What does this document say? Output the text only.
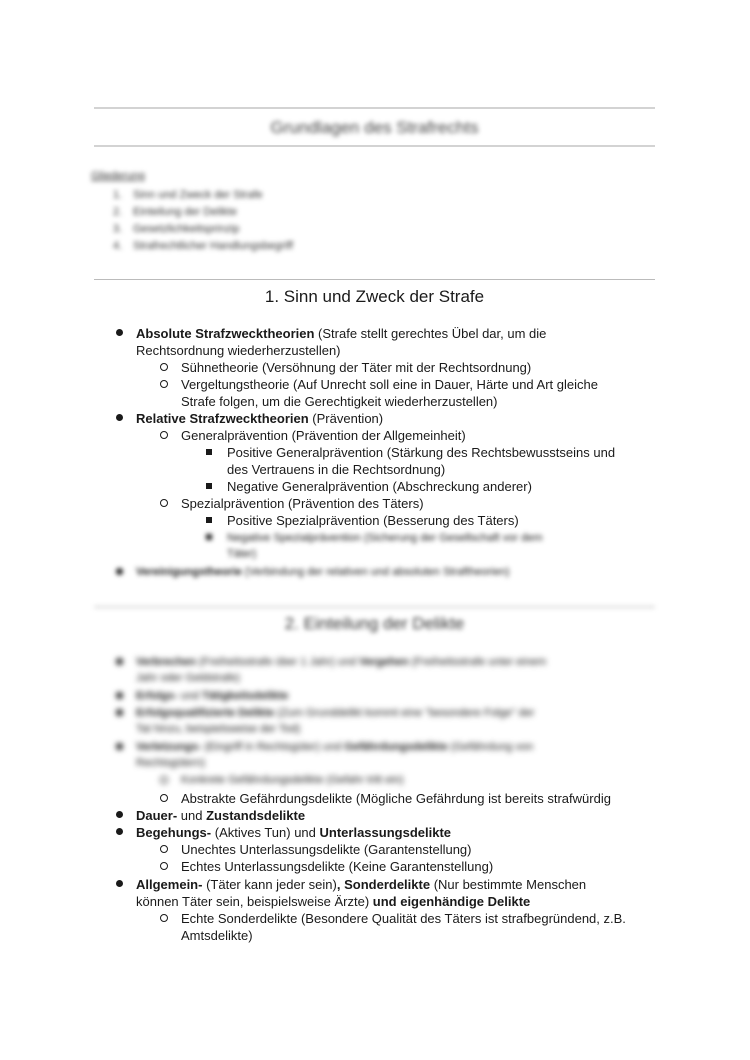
Grundlagen des Strafrechts
Gliederung
1. Sinn und Zweck der Strafe
2. Einteilung der Delikte
3. Gesetzlichkeitsprinzip
4. Strafrechtlicher Handlungsbegriff
1. Sinn und Zweck der Strafe
Absolute Strafzwecktheorien (Strafe stellt gerechtes Übel dar, um die
Rechtsordnung wiederherzustellen)
Sühnetheorie (Versöhnung der Täter mit der Rechtsordnung)
Vergeltungstheorie (Auf Unrecht soll eine in Dauer, Härte und Art gleiche
Strafe folgen, um die Gerechtigkeit wiederherzustellen)
Relative Strafzwecktheorien (Prävention)
Generalprävention (Prävention der Allgemeinheit)
Positive Generalprävention (Stärkung des Rechtsbewusstseins und
des Vertrauens in die Rechtsordnung)
Negative Generalprävention (Abschreckung anderer)
Spezialprävention (Prävention des Täters)
Positive Spezialprävention (Besserung des Täters)
Negative Spezialprävention (Sicherung der Gesellschaft vor dem
Täter)
Vereinigungstheorie (Verbindung der relativen und absoluten Straftheorien)
2. Einteilung der Delikte
Verbrechen (Freiheitsstrafe über 1 Jahr) und Vergehen (Freiheitsstrafe unter einem
Jahr oder Geldstrafe)
Erfolgs- und Tätigkeitsdelikte
Erfolgsqualifizierte Delikte (Zum Grunddelikt kommt eine "besondere Folge" der
Tat hinzu, beispielsweise der Tod)
Verletzungs- (Eingriff in Rechtsgüter) und Gefährdungsdelikte (Gefährdung von
Rechtsgütern)
Konkrete Gefährdungsdelikte (Gefahr tritt ein)
Abstrakte Gefährdungsdelikte (Mögliche Gefährdung ist bereits strafwürdig
Dauer- und Zustandsdelikte
Begehungs- (Aktives Tun) und Unterlassungsdelikte
Unechtes Unterlassungsdelikte (Garantenstellung)
Echtes Unterlassungsdelikte (Keine Garantenstellung)
Allgemein- (Täter kann jeder sein), Sonderdelikte (Nur bestimmte Menschen
können Täter sein, beispielsweise Ärzte) und eigenhändige Delikte
Echte Sonderdelikte (Besondere Qualität des Täters ist strafbegründend, z.B.
Amtsdelikte)
